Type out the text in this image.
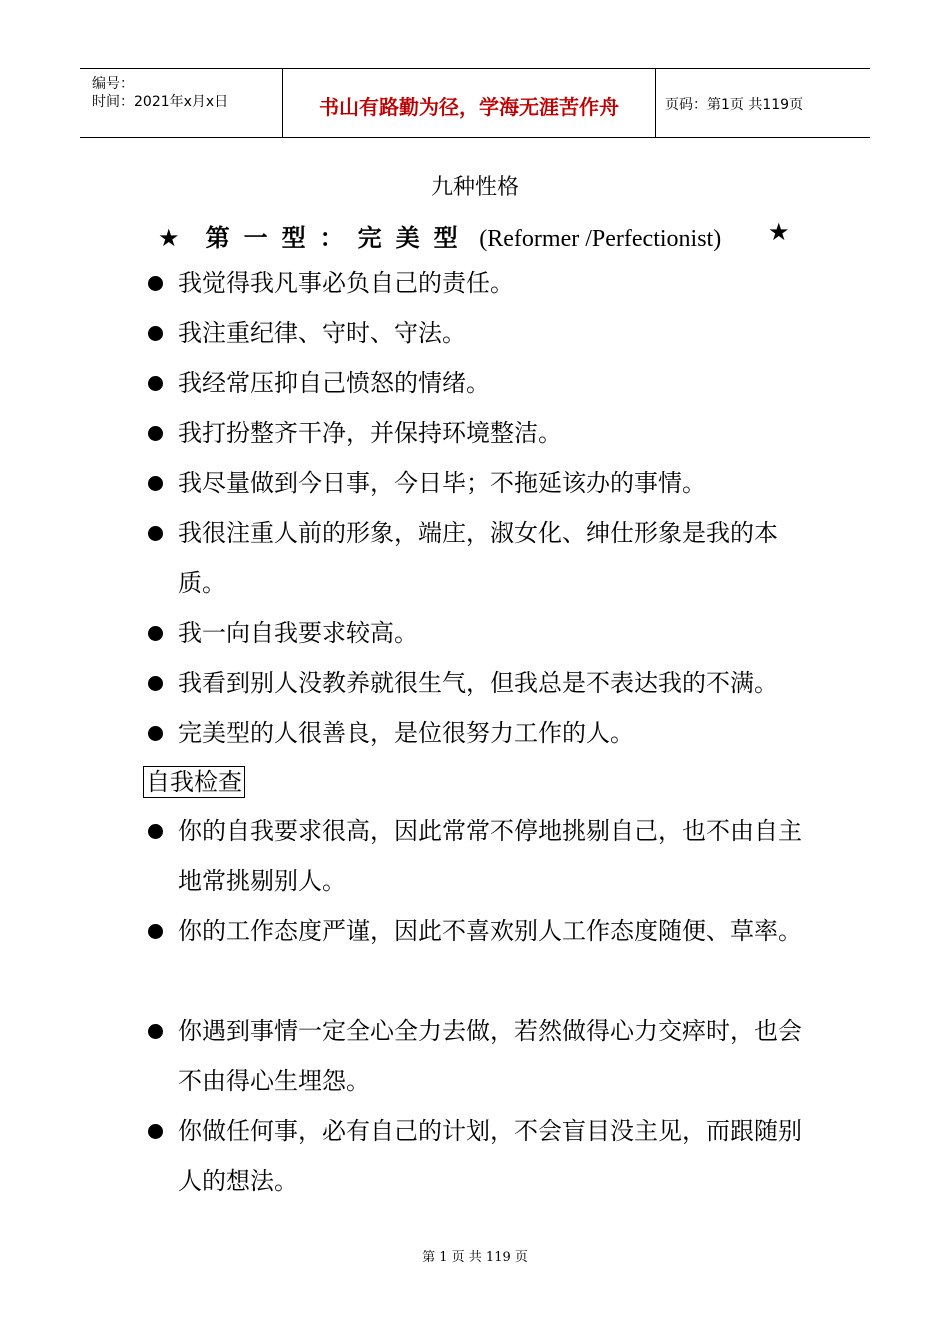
编号：
时间：2021年x月x日	书山有路勤为径，学海无涯苦作舟	页码：第1页 共119页
九种性格
★ 第一型：完美型 (Reformer /Perfectionist) ★
我觉得我凡事必负自己的责任。
我注重纪律、守时、守法。
我经常压抑自己愤怒的情绪。
我打扮整齐干净，并保持环境整洁。
我尽量做到今日事，今日毕；不拖延该办的事情。
我很注重人前的形象，端庄，淑女化、绅仕形象是我的本质。
我一向自我要求较高。
我看到别人没教养就很生气，但我总是不表达我的不满。
完美型的人很善良，是位很努力工作的人。
自我检查
你的自我要求很高，因此常常不停地挑剔自己，也不由自主地常挑剔别人。
你的工作态度严谨，因此不喜欢别人工作态度随便、草率。
你遇到事情一定全心全力去做，若然做得心力交瘁时，也会不由得心生埋怨。
你做任何事，必有自己的计划，不会盲目没主见，而跟随别人的想法。
第 1 页 共 119 页
